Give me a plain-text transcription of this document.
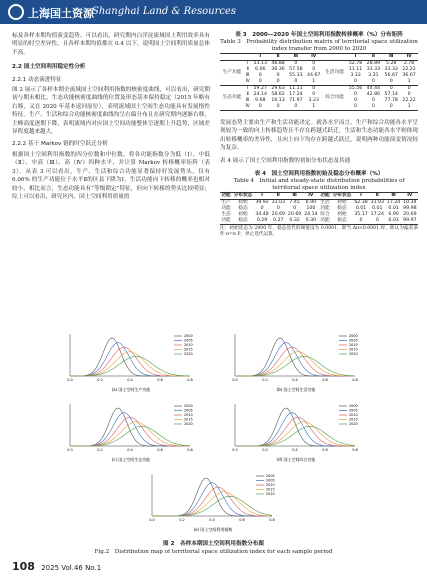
上海国土资源
Shanghai Land & Resources

标及各样本期均值演变趋势。可以看出，研究期内白洋淀流域国土利用效率具有明显的时空差异性，且各样本期均值都在 0.4 以下，说明国土空间利用质量总体不高。

2.2 国土空间利用稳定性分析
2.2.1 动态演进特征

图 2 展示了各样本期全流域国土空间利用指数的核密度曲线，可以看出，研究期初与期末相比，生态功能核密度曲线的位置及形态基本保持稳定（2015 年略有右移，又在 2020 年基本返回原位），表明流域国土空间生态功能具有发展惰性特征。生产、生活和综合功能核密度曲线均呈右偏分布且在研究期内逐渐右移，主峰高度逐期下降，表明流域内对应国土空间功能整体呈逐期上升趋势，区域差异程度越来越大。

2.2.2 基于 Markov 链的时空跃迁分析

根据国土空间利用指数的四分位数和中位数，将各功能指数分为低（Ⅰ）、中低（Ⅱ）、中高（Ⅲ）、高（Ⅳ）四种水平，并计算 Markov 转移概率矩阵（表 3）。从表 3 可以看出，生产、生活和综合功能显著保持好发展势头，仅有 6.06% 的生产功能位于水平Ⅱ的区县下降为Ⅰ，生活功能向下转移的概率也相对较小，相比而言，生态功能具有“等级锁定”特征，但向下转移的势头比较明显；综上可以看出，研究区内，国土空间利用质量的

表 3　2000—2020 年国土空间利用指数转移概率（%）分布矩阵

Table 3　Probability distribution matrix of territorial space utilization index transfer from 2000 to 2020

		Ⅰ	Ⅱ	Ⅲ	Ⅳ		Ⅰ	Ⅱ	Ⅲ	Ⅳ
生产功能	Ⅰ	53.13	46.88	0	0	生活功能	52.78	28.89	5.28	2.78
	Ⅱ	6.06	36.36	57.58	0		11.11	33.33	33.33	22.22
	Ⅲ	0	0	55.33	44.67		3.33	3.31	56.67	36.67
	Ⅳ	0	0	0	1		0	0	0	1
生态功能	Ⅰ	59.27	29.63	11.11	0	综合功能	55.56	44.44	0	0
	Ⅱ	24.14	58.62	17.24	0		0	42.86	57.14	0
	Ⅲ	9.68	16.13	71.97	3.23		0	0	77.78	22.22
	Ⅳ	0	0	0	1		0	0	0	1

发展态势主要由生产和生活功能决定。就各水平而言，生产和综合功能各水平呈现较为一致的向上转移趋势且不存在跨越式跃迁，生活和生态功能各水平则体现出转移概率的差异性，且向上向下均存在跨越式跃迁，说明两种功能演变情况较为复杂。

表 4 展示了国土空间利用指数的初始分布状态及其通

表 4　国土空间利用指数初始及稳态分布概率（%）

Table 4　Initial and steady-state distribution probabilities of territorial space utilization index

功能	分布状态	Ⅰ	Ⅱ	Ⅲ	Ⅳ	功能	分布状态	Ⅰ	Ⅱ	Ⅲ	Ⅳ
生产	初始	39.92	31.03	7.45	6.90	生活	初始	62.38	31.03	17.24	10.34
功能	稳态	0	0	0	100	功能	稳态	0.01	0.01	0.01	99.98
生态	初始	34.48	20.69	20.69	24.14	综合	初始	35.17	17.24	6.90	20.69
功能	稳态	0.29	0.27	0.32	0.30	功能	稳态	0	0	0.03	99.97

注：初始状态为 2000 年，稳态迭代的阈值设为 0.0001，即当 Δπ<0.0001 时，即认为偏差条件 π=π P，停止迭代运算。

0.0	0.2	0.4	0.6	0.8
2000
2005
2010
2015
2020
(a) 国土空间生产功能
0.0	0.2	0.4	0.6	0.8
2000
2005
2010
2015
2020
(b) 国土空间生活功能
0.0	0.2	0.4	0.6	0.8
2000
2005
2010
2015
2020
(c) 国土空间生态功能
0.0	0.2	0.4	0.6	0.8
2000
2005
2010
2015
2020
(d) 国土空间综合功能
0.0	0.2	0.4	0.6	0.8
2000
2005
2010
2015
2020
(e) 国土空间利用指数
图 2　各样本期国土空间利用指数分布图
Fig.2　Distribution map of territorial space utilization index for each sample period
108 2025 Vol.46 No.1
